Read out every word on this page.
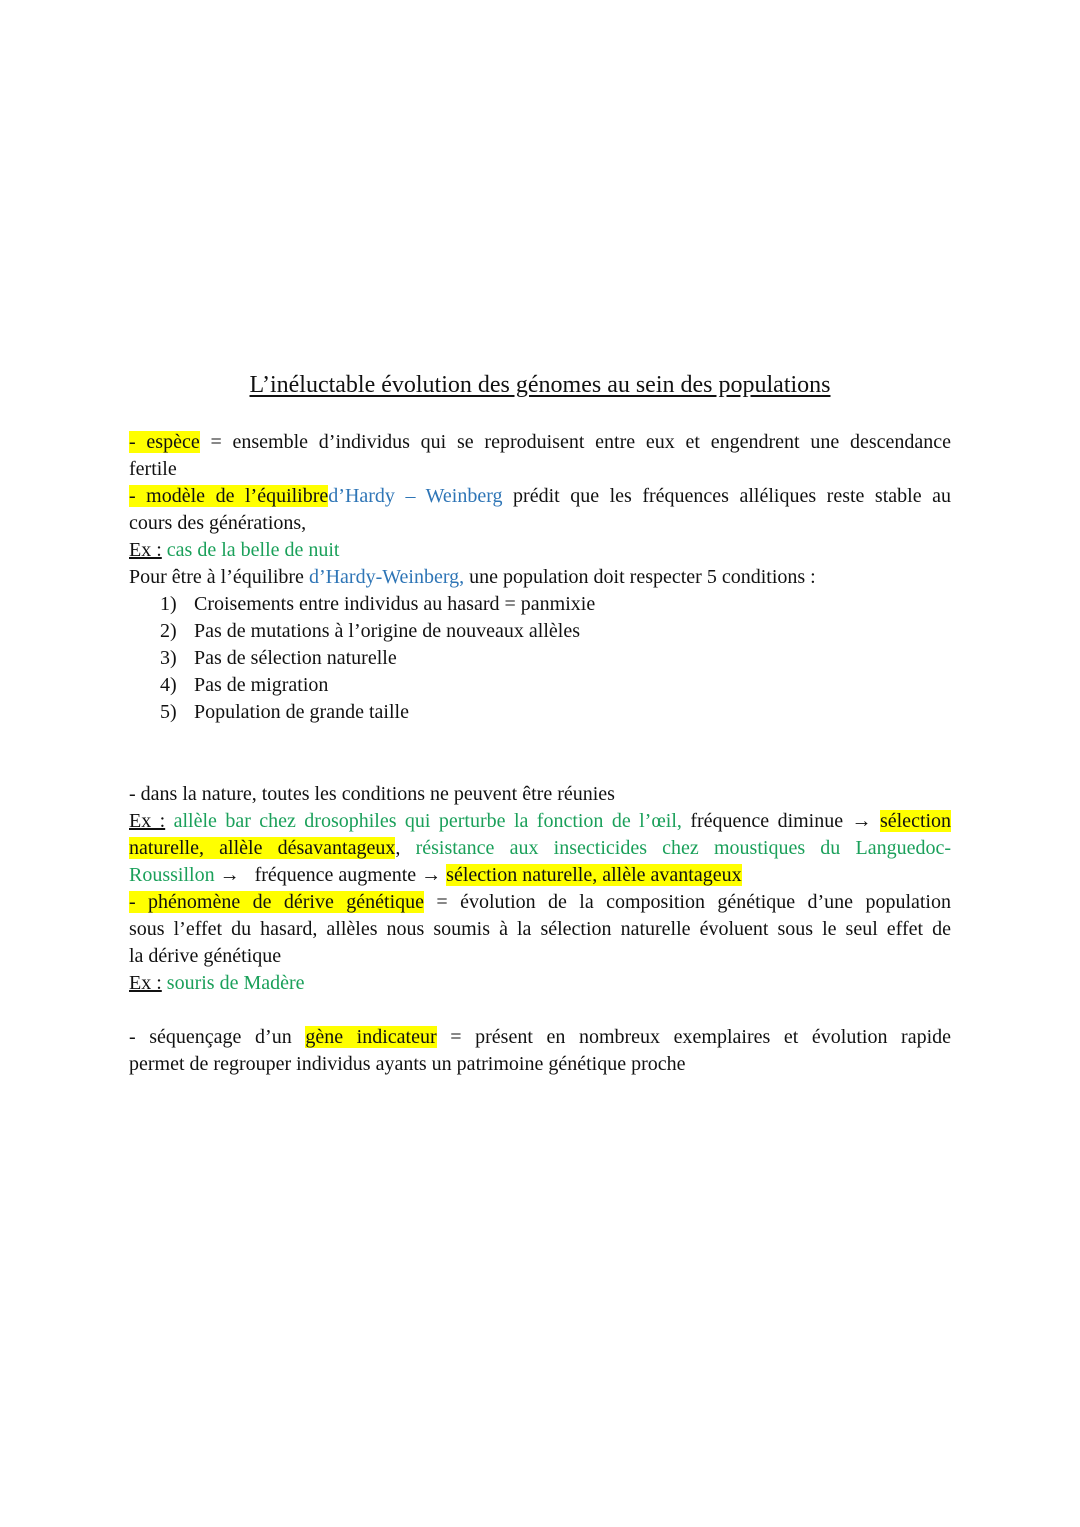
L’inéluctable évolution des génomes au sein des populations
- espèce = ensemble d’individus qui se reproduisent entre eux et engendrent une descendance
fertile
- modèle de l’équilibred’Hardy – Weinberg prédit que les fréquences alléliques reste stable au
cours des générations,
Ex : cas de la belle de nuit
Pour être à l’équilibre d’Hardy-Weinberg, une population doit respecter 5 conditions :
1) Croisements entre individus au hasard = panmixie
2) Pas de mutations à l’origine de nouveaux allèles
3) Pas de sélection naturelle
4) Pas de migration
5) Population de grande taille
- dans la nature, toutes les conditions ne peuvent être réunies
Ex : allèle bar chez drosophiles qui perturbe la fonction de l’œil, fréquence diminue → sélection
naturelle, allèle désavantageux, résistance aux insecticides chez moustiques du Languedoc-
Roussillon → fréquence augmente → sélection naturelle, allèle avantageux
- phénomène de dérive génétique = évolution de la composition génétique d’une population
sous l’effet du hasard, allèles nous soumis à la sélection naturelle évoluent sous le seul effet de
la dérive génétique
Ex : souris de Madère
- séquençage d’un gène indicateur = présent en nombreux exemplaires et évolution rapide
permet de regrouper individus ayants un patrimoine génétique proche
